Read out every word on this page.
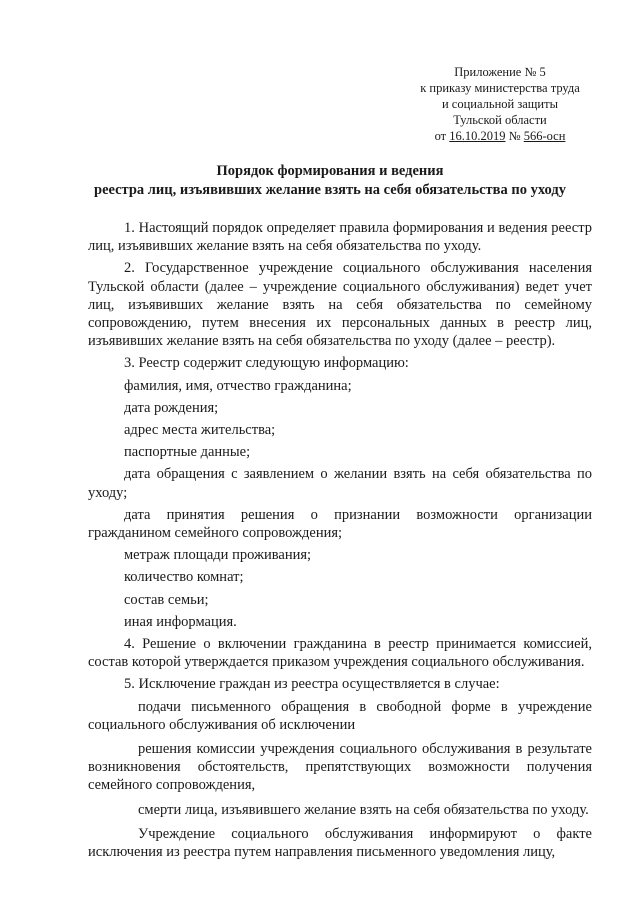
Приложение № 5
к приказу министерства труда
и социальной защиты
Тульской области
от 16.10.2019 № 566-осн
Порядок формирования и ведения
реестра лиц, изъявивших желание взять на себя обязательства по уходу

1. Настоящий порядок определяет правила формирования и ведения реестр лиц, изъявивших желание взять на себя обязательства по уходу.

2. Государственное учреждение социального обслуживания населения Тульской области (далее – учреждение социального обслуживания) ведет учет лиц, изъявивших желание взять на себя обязательства по семейному сопровождению, путем внесения их персональных данных в реестр лиц, изъявивших желание взять на себя обязательства по уходу (далее – реестр).

3. Реестр содержит следующую информацию:

фамилия, имя, отчество гражданина;

дата рождения;

адрес места жительства;

паспортные данные;

дата обращения с заявлением о желании взять на себя обязательства по уходу;

дата принятия решения о признании возможности организации гражданином семейного сопровождения;

метраж площади проживания;

количество комнат;

состав семьи;

иная информация.

4. Решение о включении гражданина в реестр принимается комиссией, состав которой утверждается приказом учреждения социального обслуживания.

5. Исключение граждан из реестра осуществляется в случае:

подачи письменного обращения в свободной форме в учреждение социального обслуживания об исключении

решения комиссии учреждения социального обслуживания в результате возникновения обстоятельств, препятствующих возможности получения семейного сопровождения,

смерти лица, изъявившего желание взять на себя обязательства по уходу.

Учреждение социального обслуживания информируют о факте исключения из реестра путем направления письменного уведомления лицу,
